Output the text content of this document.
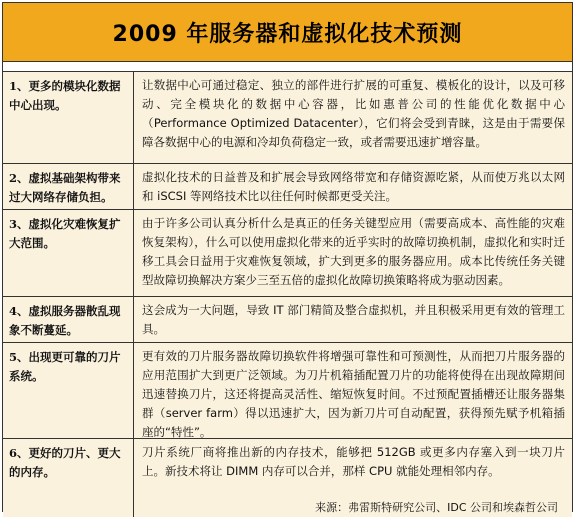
2009 年服务器和虚拟化技术预测
1、更多的模块化数据中心出现。
让数据中心可通过稳定、独立的部件进行扩展的可重复、模板化的设计，以及可移动、完全模块化的数据中心容器，比如惠普公司的性能优化数据中心（Performance Optimized Datacenter），它们将会受到青睐，这是由于需要保障各数据中心的电源和冷却负荷稳定一致，或者需要迅速扩增容量。
2、虚拟基础架构带来过大网络存储负担。
虚拟化技术的日益普及和扩展会导致网络带宽和存储资源吃紧，从而使万兆以太网和 iSCSI 等网络技术比以往任何时候都更受关注。
3、虚拟化灾难恢复扩大范围。
由于许多公司认真分析什么是真正的任务关键型应用（需要高成本、高性能的灾难恢复架构），什么可以使用虚拟化带来的近乎实时的故障切换机制，虚拟化和实时迁移工具会日益用于灾难恢复领域，扩大到更多的服务器应用。成本比传统任务关键型故障切换解决方案少三至五倍的虚拟化故障切换策略将成为驱动因素。
4、虚拟服务器散乱现象不断蔓延。
这会成为一大问题，导致 IT 部门精简及整合虚拟机，并且积极采用更有效的管理工具。
5、出现更可靠的刀片系统。
更有效的刀片服务器故障切换软件将增强可靠性和可预测性，从而把刀片服务器的应用范围扩大到更广泛领域。为刀片机箱插配置刀片的功能将使得在出现故障期间迅速替换刀片，这还将提高灵活性、缩短恢复时间。不过预配置插槽还让服务器集群（server farm）得以迅速扩大，因为新刀片可自动配置，获得预先赋予机箱插座的“特性”。
6、更好的刀片、更大的内存。
刀片系统厂商将推出新的内存技术，能够把 512GB 或更多内存塞入到一块刀片上。新技术将让 DIMM 内存可以合并，那样 CPU 就能处理相邻内存。
来源：弗雷斯特研究公司、IDC 公司和埃森哲公司
